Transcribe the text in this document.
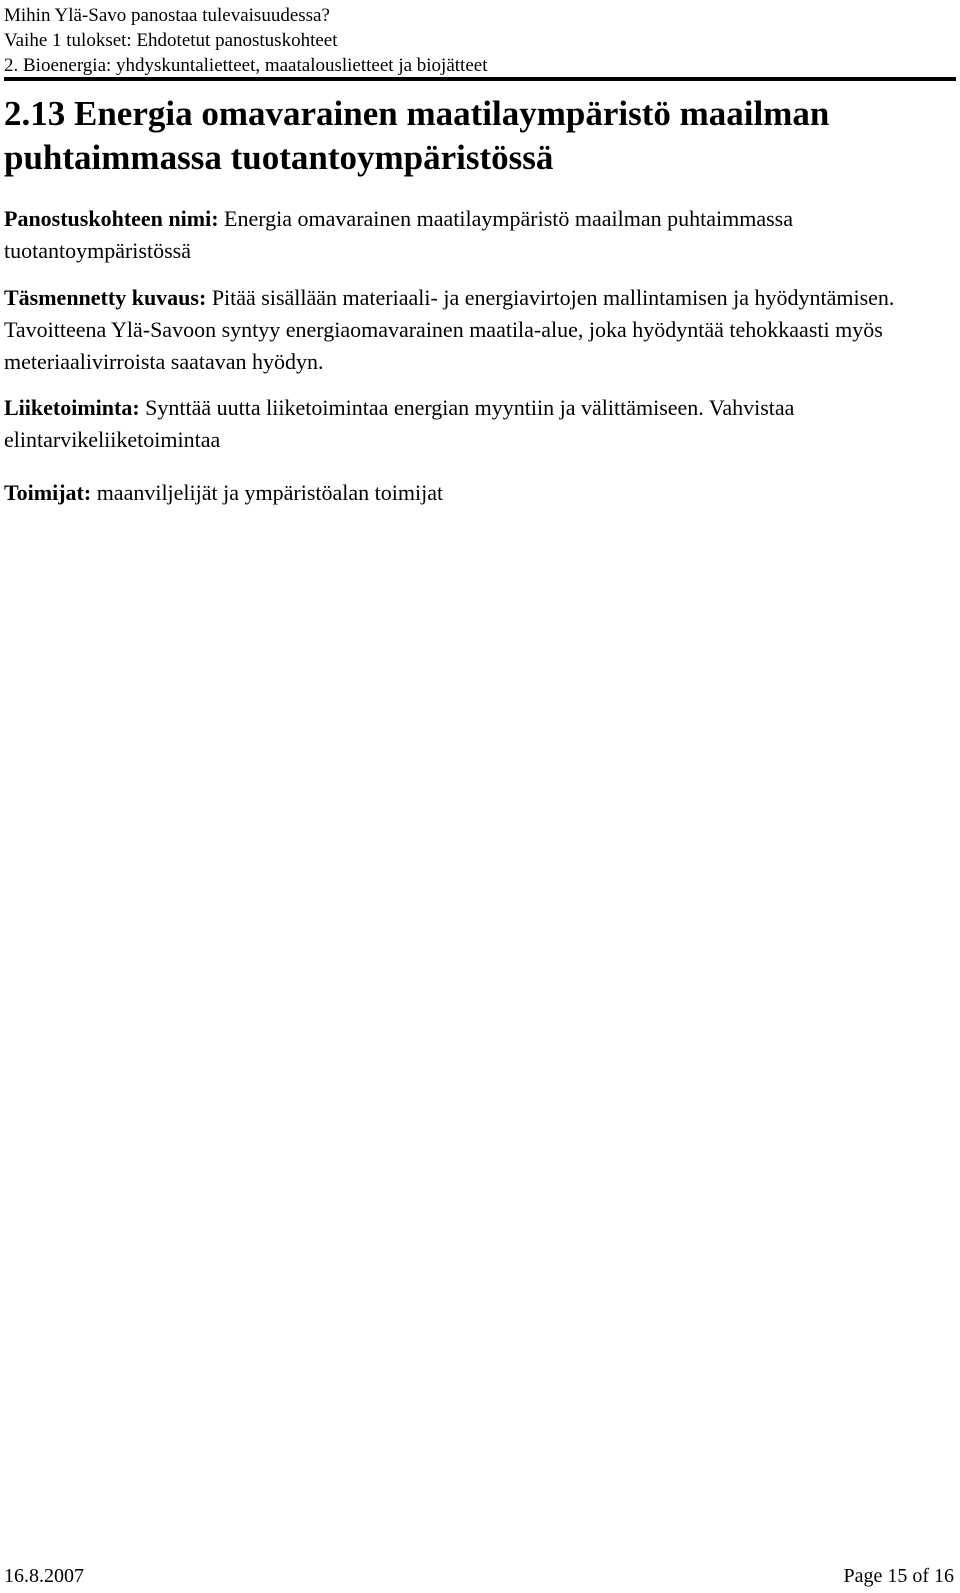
Mihin Ylä-Savo panostaa tulevaisuudessa?
Vaihe 1 tulokset: Ehdotetut panostuskohteet
2. Bioenergia: yhdyskuntalietteet, maatalouslietteet ja biojätteet
2.13 Energia omavarainen maatilaympäristö maailman puhtaimmassa tuotantoympäristössä

Panostuskohteen nimi: Energia omavarainen maatilaympäristö maailman puhtaimmassa tuotantoympäristössä

Täsmennetty kuvaus: Pitää sisällään materiaali- ja energiavirtojen mallintamisen ja hyödyntämisen. Tavoitteena Ylä-Savoon syntyy energiaomavarainen maatila-alue, joka hyödyntää tehokkaasti myös meteriaalivirroista saatavan hyödyn.

Liiketoiminta: Synttää uutta liiketoimintaa energian myyntiin ja välittämiseen. Vahvistaa elintarvikeliiketoimintaa

Toimijat: maanviljelijät ja ympäristöalan toimijat

16.8.2007	Page 15 of 16
